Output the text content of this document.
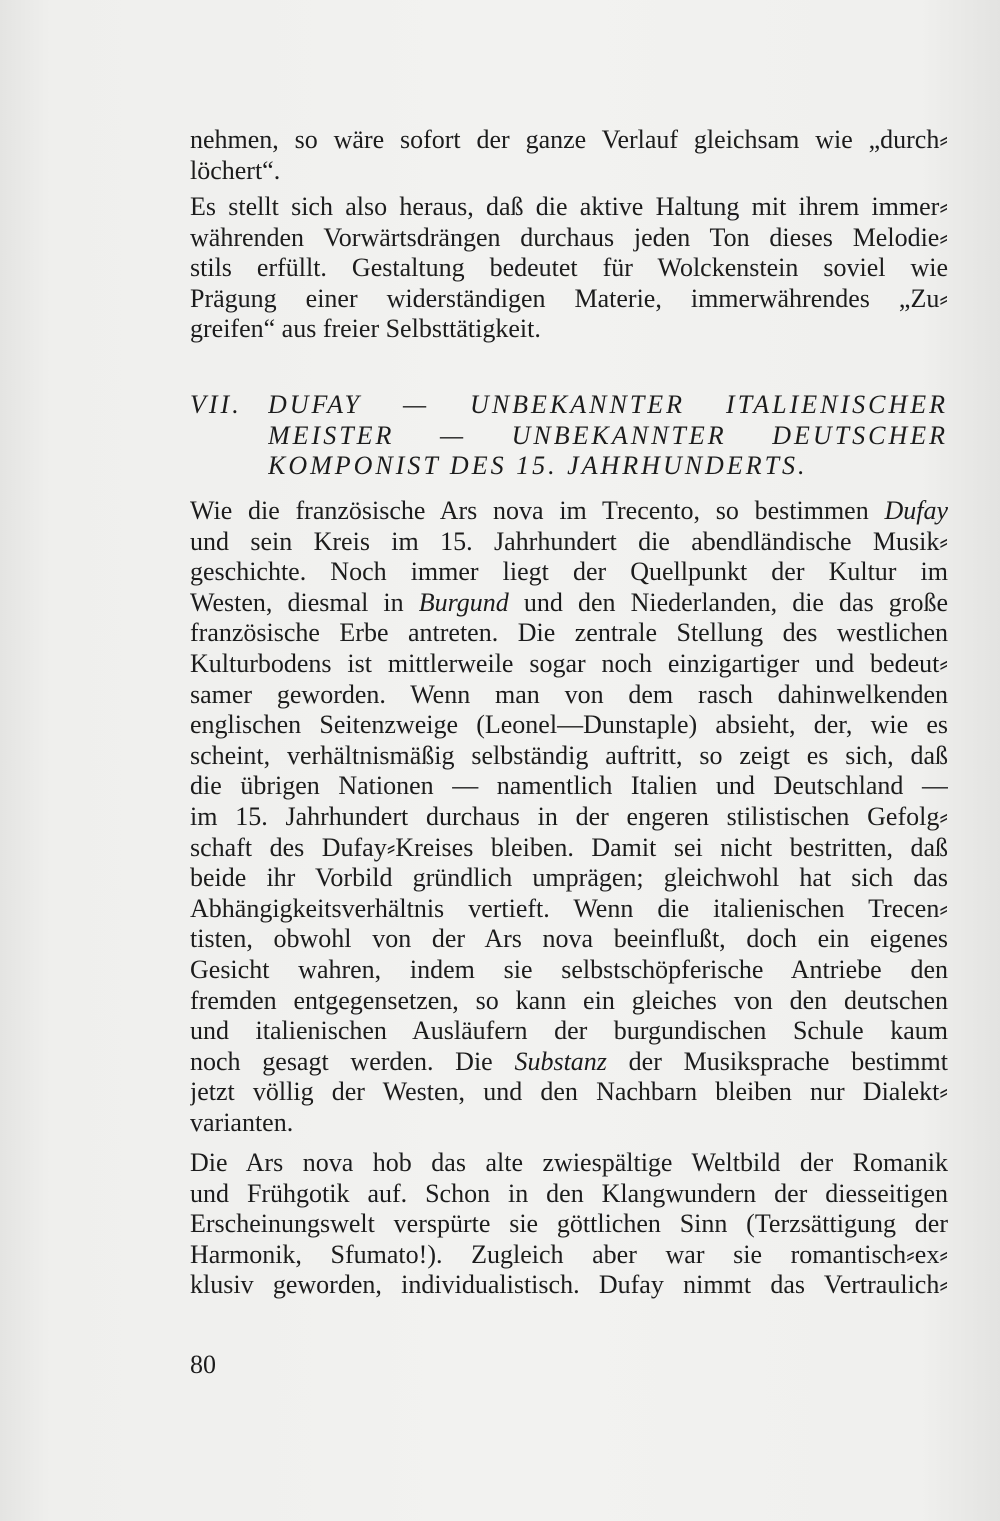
nehmen, so wäre sofort der ganze Verlauf gleichsam wie „durch⸗
löchert“.
Es stellt sich also heraus, daß die aktive Haltung mit ihrem immer⸗
währenden Vorwärtsdrängen durchaus jeden Ton dieses Melodie⸗
stils erfüllt. Gestaltung bedeutet für Wolckenstein soviel wie
Prägung einer widerständigen Materie, immerwährendes „Zu⸗
greifen“ aus freier Selbsttätigkeit.
VII.	DUFAY — UNBEKANNTER ITALIENISCHER
MEISTER — UNBEKANNTER DEUTSCHER
KOMPONIST DES 15. JAHRHUNDERTS.
Wie die französische Ars nova im Trecento, so bestimmen Dufay
und sein Kreis im 15. Jahrhundert die abendländische Musik⸗
geschichte. Noch immer liegt der Quellpunkt der Kultur im
Westen, diesmal in Burgund und den Niederlanden, die das große
französische Erbe antreten. Die zentrale Stellung des westlichen
Kulturbodens ist mittlerweile sogar noch einzigartiger und bedeut⸗
samer geworden. Wenn man von dem rasch dahinwelkenden
englischen Seitenzweige (Leonel—Dunstaple) absieht, der, wie es
scheint, verhältnismäßig selbständig auftritt, so zeigt es sich, daß
die übrigen Nationen — namentlich Italien und Deutschland —
im 15. Jahrhundert durchaus in der engeren stilistischen Gefolg⸗
schaft des Dufay⸗Kreises bleiben. Damit sei nicht bestritten, daß
beide ihr Vorbild gründlich umprägen; gleichwohl hat sich das
Abhängigkeitsverhältnis vertieft. Wenn die italienischen Trecen⸗
tisten, obwohl von der Ars nova beeinflußt, doch ein eigenes
Gesicht wahren, indem sie selbstschöpferische Antriebe den
fremden entgegensetzen, so kann ein gleiches von den deutschen
und italienischen Ausläufern der burgundischen Schule kaum
noch gesagt werden. Die Substanz der Musiksprache bestimmt
jetzt völlig der Westen, und den Nachbarn bleiben nur Dialekt⸗
varianten.
Die Ars nova hob das alte zwiespältige Weltbild der Romanik
und Frühgotik auf. Schon in den Klangwundern der diesseitigen
Erscheinungswelt verspürte sie göttlichen Sinn (Terzsättigung der
Harmonik, Sfumato!). Zugleich aber war sie romantisch⸗ex⸗
klusiv geworden, individualistisch. Dufay nimmt das Vertraulich⸗
80
